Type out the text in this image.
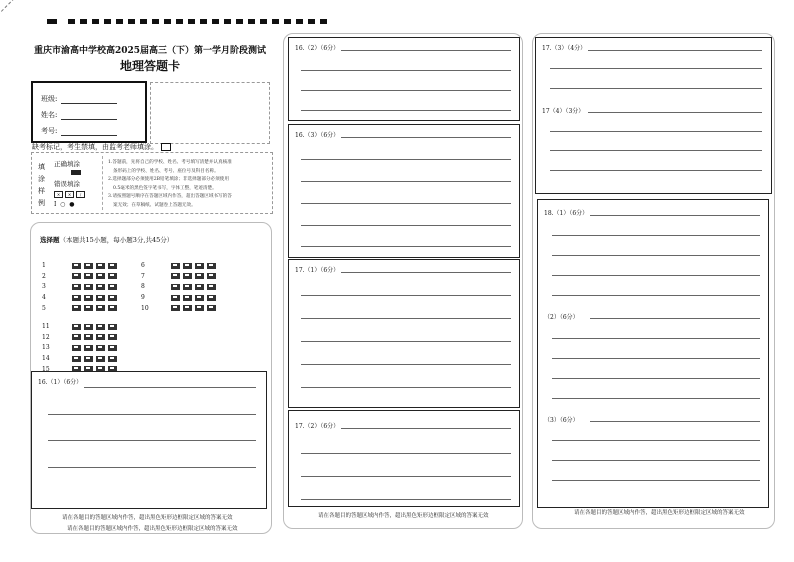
重庆市渝高中学校高2025届高三（下）第一学月阶段测试
地理答题卡
班级:
姓名:
考号:
缺考标记，考生禁填，由监考老师填涂。
填
涂
样
例
正确填涂
错误填涂
✕ ✕ ∕
Ⅰ  ○  ●
1.答题前，先将自己的学校、姓名、考号填写清楚并认真核准
条形码上的学校、姓名、考号、座位号及科目名称。
2.选择题部分必须使用2B铅笔填涂；非选择题部分必须使用
0.5毫米的黑色签字笔书写，字体工整，笔迹清楚。
3.请按照题号顺序在答题区域内作答，超出答题区域书写的答
案无效；在草稿纸、试题卷上答题无效。
选择题（本题共15小题，每小题3分,共45分）
1
2
3
4
5
6
7
8
9
10
11
12
13
14
15
16.（1）（6分）
请在各题目的答题区域内作答，超出黑色矩形边框限定区域的答案无效
请在各题目的答题区域内作答，超出黑色矩形边框限定区域的答案无效
16.（2）（6分）
16.（3）（6分）
17.（1）（6分）
17.（2）（6分）
请在各题目的答题区域内作答，超出黑色矩形边框限定区域的答案无效
17.（3）（4分）
17（4）（3分）
18.（1）（6分）
（2）（6分）
（3）（6分）
请在各题目的答题区域内作答，超出黑色矩形边框限定区域的答案无效
